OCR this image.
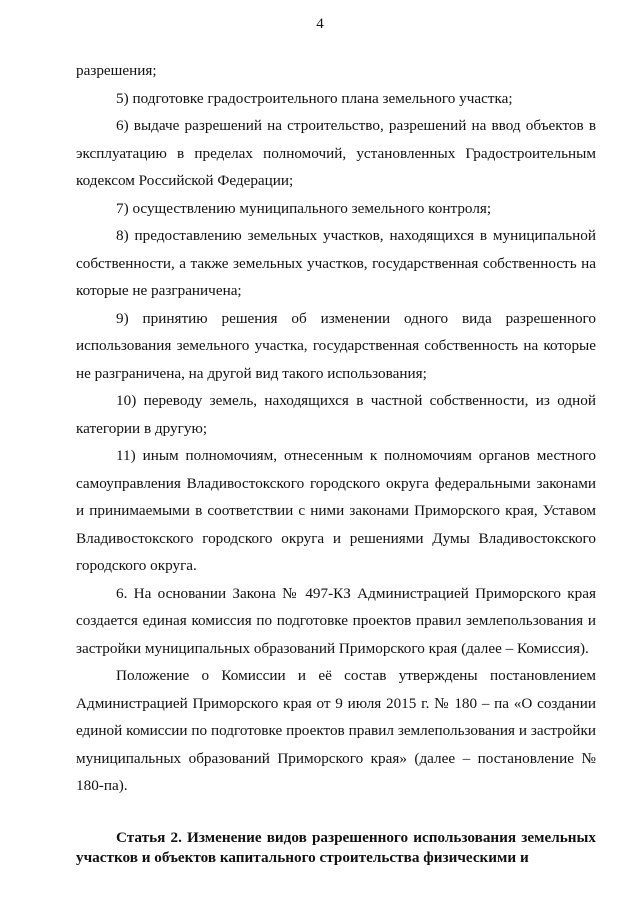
4

разрешения;

5) подготовке градостроительного плана земельного участка;

6) выдаче разрешений на строительство, разрешений на ввод объектов в эксплуатацию в пределах полномочий, установленных Градостроительным кодексом Российской Федерации;

7) осуществлению муниципального земельного контроля;

8) предоставлению земельных участков, находящихся в муниципальной собственности, а также земельных участков, государственная собственность на которые не разграничена;

9) принятию решения об изменении одного вида разрешенного использования земельного участка, государственная собственность на которые не разграничена, на другой вид такого использования;

10) переводу земель, находящихся в частной собственности, из одной категории в другую;

11) иным полномочиям, отнесенным к полномочиям органов местного самоуправления Владивостокского городского округа федеральными законами и принимаемыми в соответствии с ними законами Приморского края, Уставом Владивостокского городского округа и решениями Думы Владивостокского городского округа.

6. На основании Закона № 497-КЗ Администрацией Приморского края создается единая комиссия по подготовке проектов правил землепользования и застройки муниципальных образований Приморского края (далее – Комиссия).

Положение о Комиссии и её состав утверждены постановлением Администрацией Приморского края от 9 июля 2015 г. № 180 – па «О создании единой комиссии по подготовке проектов правил землепользования и застройки муниципальных образований Приморского края» (далее – постановление № 180-па).

Статья 2. Изменение видов разрешенного использования земельных участков и объектов капитального строительства физическими и
